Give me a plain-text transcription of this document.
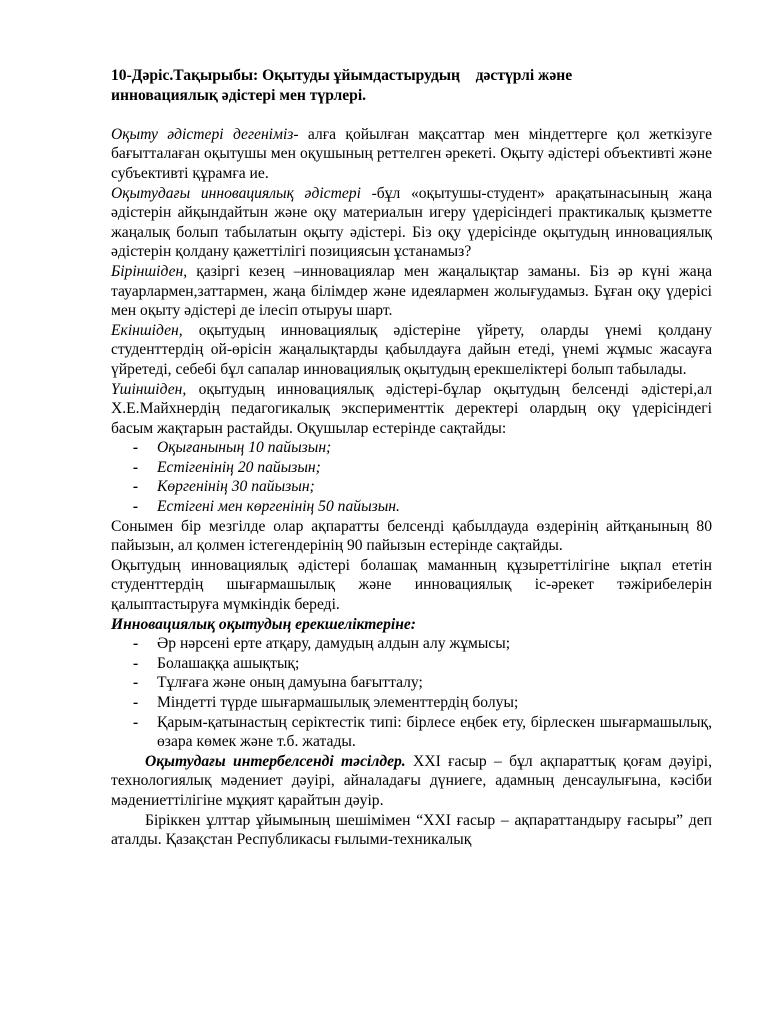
10-Дәріс.Тақырыбы: Оқытуды ұйымдастырудың    дәстүрлі және
инновациялық әдістері мен түрлері.

Оқыту әдістері дегеніміз- алға қойылған мақсаттар мен міндеттерге қол жеткізуге бағытталаған оқытушы мен оқушының реттелген әрекеті. Оқыту әдістері объективті және субъективті құрамға ие.

Оқытудағы инновациялық әдістері -бұл «оқытушы-студент» арақатынасының жаңа әдістерін айқындайтын және оқу материалын игеру үдерісіндегі практикалық қызметте жаңалық болып табылатын оқыту әдістері. Біз оқу үдерісінде оқытудың инновациялық әдістерін қолдану қажеттілігі позициясын ұстанамыз?

Біріншіден, қазіргі кезең –инновациялар мен жаңалықтар заманы. Біз әр күні жаңа тауарлармен,заттармен, жаңа білімдер және идеялармен жолығудамыз. Бұған оқу үдерісі мен оқыту әдістері де ілесіп отыруы шарт.

Екіншіден, оқытудың инновациялық әдістеріне үйрету, оларды үнемі қолдану студенттердің ой-өрісін жаңалықтарды қабылдауға дайын етеді, үнемі жұмыс жасауға үйретеді, себебі бұл сапалар инновациялық оқытудың ерекшеліктері болып табылады.

Үшіншіден, оқытудың инновациялық әдістері-бұлар оқытудың белсенді әдістері,ал Х.Е.Майхнердің педагогикалық эксперименттік деректері олардың оқу үдерісіндегі басым жақтарын растайды. Оқушылар естерінде сақтайды:

- Оқығанының 10 пайызын;
- Естігенінің 20 пайызын;
- Көргенінің 30 пайызын;
- Естігені мен көргенінің 50 пайызын.

Сонымен бір мезгілде олар ақпаратты белсенді қабылдауда өздерінің айтқанының 80 пайызын, ал қолмен істегендерінің 90 пайызын естерінде сақтайды.

Оқытудың инновациялық әдістері болашақ маманның құзыреттілігіне ықпал ететін студенттердің шығармашылық және инновациялық іс-әрекет тәжірибелерін қалыптастыруға мүмкіндік береді.

Инновациялық оқытудың ерекшеліктеріне:

- Әр нәрсені ерте атқару, дамудың алдын алу жұмысы;
- Болашаққа ашықтық;
- Тұлғаға және оның дамуына бағытталу;
- Міндетті түрде шығармашылық элементтердің болуы;
- Қарым-қатынастың серіктестік типі: бірлесе еңбек ету, бірлескен шығармашылық, өзара көмек және т.б. жатады.

Оқытудағы интербелсенді тәсілдер. XXI ғасыр – бұл ақпараттық қоғам дәуірі, технологиялық мәдениет дәуірі, айналадағы дүниеге, адамның денсаулығына, кәсіби мәдениеттілігіне мұқият қарайтын дәуір.

Біріккен ұлттар ұйымының шешімімен “XXI ғасыр – ақпараттандыру ғасыры” деп аталды. Қазақстан Республикасы ғылыми-техникалық
